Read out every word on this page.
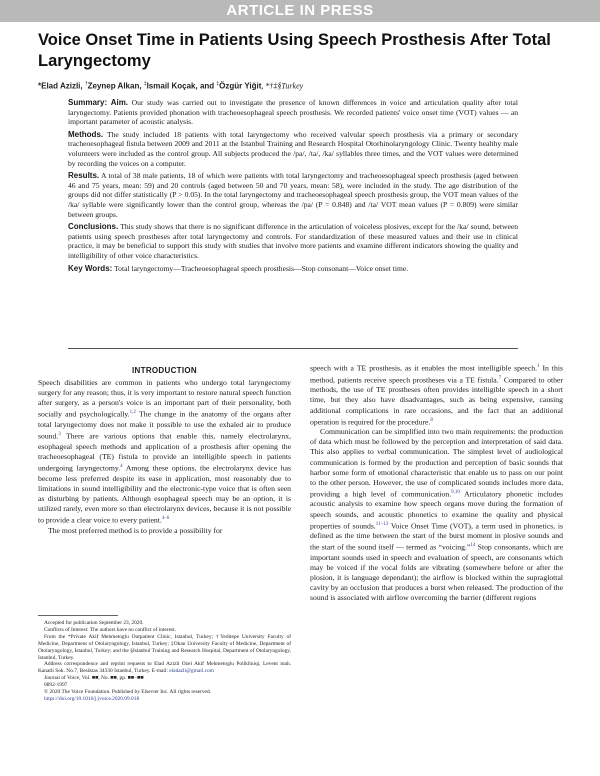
ARTICLE IN PRESS
Voice Onset Time in Patients Using Speech Prosthesis After Total Laryngectomy
*Elad Azizli, †Zeynep Alkan, ‡Ismail Koçak, and ‡Özgür Yiğit, *†‡§Turkey

Summary: Aim. Our study was carried out to investigate the presence of known differences in voice and articulation quality after total laryngectomy. Patients provided phonation with tracheoesophageal speech prosthesis. We recorded patients' voice onset time (VOT) values — an important parameter of acoustic analysis.

Methods. The study included 18 patients with total laryngectomy who received valvular speech prosthesis via a primary or secondary tracheoesophageal fistula between 2009 and 2011 at the Istanbul Training and Research Hospital Otorhinolaryngology Clinic. Twenty healthy male volunteers were included as the control group. All subjects produced the /pa/, /ta/, /ka/ syllables three times, and the VOT values were determined by recording the voices on a computer.

Results. A total of 38 male patients, 18 of which were patients with total laryngectomy and tracheoesophageal speech prosthesis (aged between 46 and 75 years, mean: 59) and 20 controls (aged between 50 and 70 years, mean: 58), were included in the study. The age distribution of the groups did not differ statistically (P > 0.05). In the total laryngectomy and tracheoesophageal speech prosthesis group, the VOT mean values of the /ka/ syllable were significantly lower than the control group, whereas the /pa/ (P = 0.848) and /ta/ VOT mean values (P = 0.809) were similar between groups.

Conclusions. This study shows that there is no significant difference in the articulation of voiceless plosives, except for the /ka/ sound, between patients using speech prostheses after total laryngectomy and controls. For standardization of these measured values and their use in clinical practice, it may be beneficial to support this study with studies that involve more patients and examine different indicators showing the quality and intelligibility of other voice characteristics.

Key Words: Total laryngectomy—Tracheoesophageal speech prosthesis—Stop consonant—Voice onset time.

INTRODUCTION

Speech disabilities are common in patients who undergo total laryngectomy surgery for any reason; thus, it is very important to restore natural speech function after surgery, as a person's voice is an important part of their personality, both socially and psychologically.$^{1,2}$ The change in the anatomy of the organs after total laryngectomy does not make it possible to use the exhaled air to produce sound.$^3$ There are various options that enable this, namely electrolarynx, esophageal speech methods and application of a prosthesis after opening the tracheoesophageal (TE) fistula to provide an intelligible speech in patients undergoing laryngectomy.$^4$ Among these options, the electrolarynx device has become less preferred despite its ease in application, most reasonably due to limitations in sound intelligibility and the electronic-type voice that is often seen as disturbing by patients. Although esophageal speech may be an option, it is utilized rarely, even more so than electrolarynx devices, because it is not possible to provide a clear voice to every patient.$^{4-6}$

The most preferred method is to provide a possibility for

speech with a TE prosthesis, as it enables the most intelligible speech.$^1$ In this method, patients receive speech prostheses via a TE fistula.$^7$ Compared to other methods, the use of TE prostheses often provides intelligible speech in a short time, but they also have disadvantages, such as being expensive, causing additional complications in rare occasions, and the fact that an additional operation is required for the procedure.$^8$

Communication can be simplified into two main requirements: the production of data which must be followed by the perception and interpretation of said data. This also applies to verbal communication. The simplest level of audiological communication is formed by the production and perception of basic sounds that harbor some form of emotional characteristic that enable us to pass on our point to the other person. However, the use of complicated sounds includes more data, providing a high level of communication.$^{9,10}$ Articulatory phonetic includes acoustic analysis to examine how speech organs move during the formation of speech sounds, and acoustic phonetics to examine the quality and physical properties of sounds.$^{11-13}$ Voice Onset Time (VOT), a term used in phonetics, is defined as the time between the start of the burst moment in plosive sounds and the start of the sound itself — termed as “voicing.”$^{14}$ Stop consonants, which are important sounds used in speech and evaluation of speech, are consonants which may be voiced if the vocal folds are vibrating (somewhere before or after the plosion, it is language dependant); the airflow is blocked within the supraglottal cavity by an occlusion that produces a burst when released. The production of the sound is associated with airflow overcoming the barrier (different regions

Accepted for publication September 23, 2020.

Conflicts of Interest: The authors have no conflict of interest.

From the *Private Akif Mehmetoglu Outpatient Clinic, Istanbul, Turkey; †Yeditepe University Faculty of Medicine, Department of Otolaryngology, Istanbul, Turkey; ‡Okan University Faculty of Medicine, Department of Otolaryngology, Istanbul, Turkey; and the §Istanbul Training and Research Hospital, Department of Otolaryngology, Istanbul, Turkey.

Address correspondence and reprint requests to Elad Azizli Ozel Akif Mehmetoglu Polikliniqi, Levent mah. Kanatli Sok. No.7, Besiktas 34330 Istanbul, Turkey. E-mail: eladazli@gmail.com

Journal of Voice, Vol. ■■, No. ■■, pp. ■■−■■

0892-1997

© 2020 The Voice Foundation. Published by Elsevier Inc. All rights reserved.

https://doi.org/10.1016/j.jvoice.2020.09.018
